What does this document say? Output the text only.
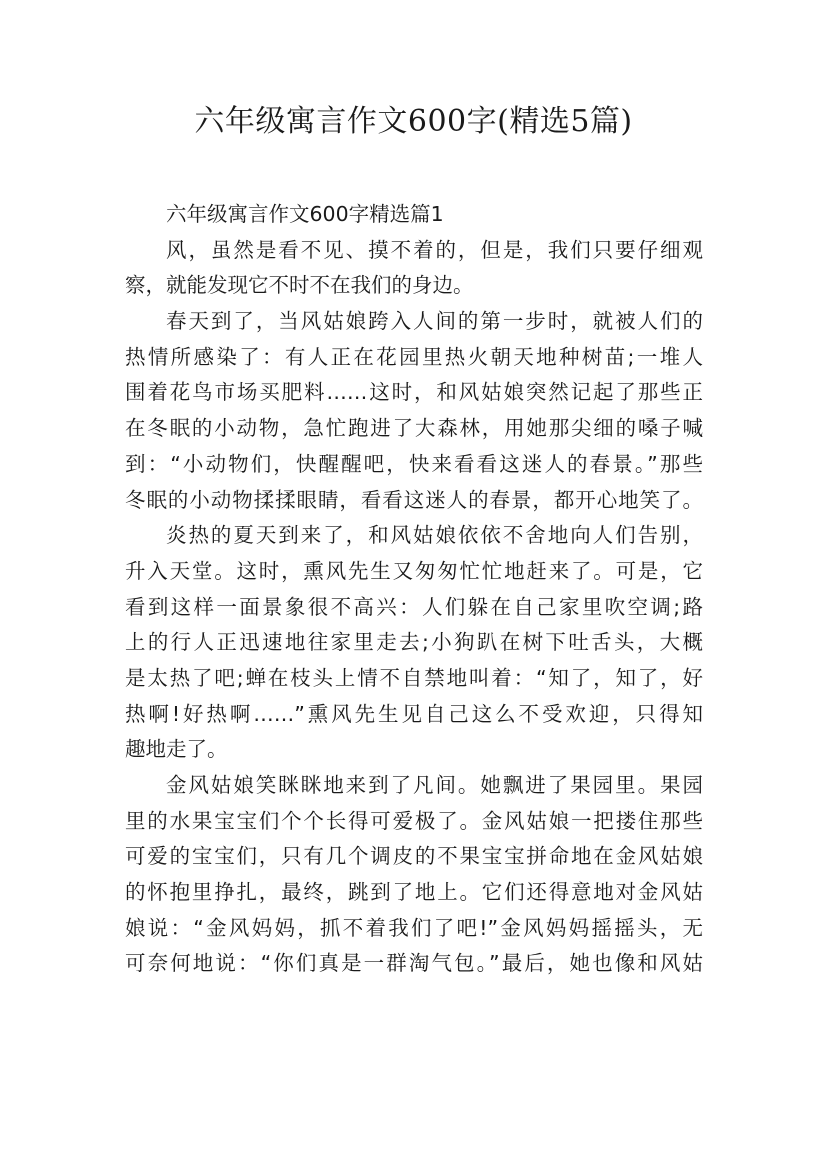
六年级寓言作文600字(精选5篇)
六年级寓言作文600字精选篇1
风，虽然是看不见、摸不着的，但是，我们只要仔细观
察，就能发现它不时不在我们的身边。
春天到了，当风姑娘跨入人间的第一步时，就被人们的
热情所感染了：有人正在花园里热火朝天地种树苗;一堆人
围着花鸟市场买肥料……这时，和风姑娘突然记起了那些正
在冬眠的小动物，急忙跑进了大森林，用她那尖细的嗓子喊
到：“小动物们，快醒醒吧，快来看看这迷人的春景。”那些
冬眠的小动物揉揉眼睛，看看这迷人的春景，都开心地笑了。
炎热的夏天到来了，和风姑娘依依不舍地向人们告别，
升入天堂。这时，熏风先生又匆匆忙忙地赶来了。可是，它
看到这样一面景象很不高兴：人们躲在自己家里吹空调;路
上的行人正迅速地往家里走去;小狗趴在树下吐舌头，大概
是太热了吧;蝉在枝头上情不自禁地叫着：“知了，知了，好
热啊!好热啊……”熏风先生见自己这么不受欢迎，只得知
趣地走了。
金风姑娘笑眯眯地来到了凡间。她飘进了果园里。果园
里的水果宝宝们个个长得可爱极了。金风姑娘一把搂住那些
可爱的宝宝们，只有几个调皮的不果宝宝拼命地在金风姑娘
的怀抱里挣扎，最终，跳到了地上。它们还得意地对金风姑
娘说：“金风妈妈，抓不着我们了吧!”金风妈妈摇摇头，无
可奈何地说：“你们真是一群淘气包。”最后，她也像和风姑
